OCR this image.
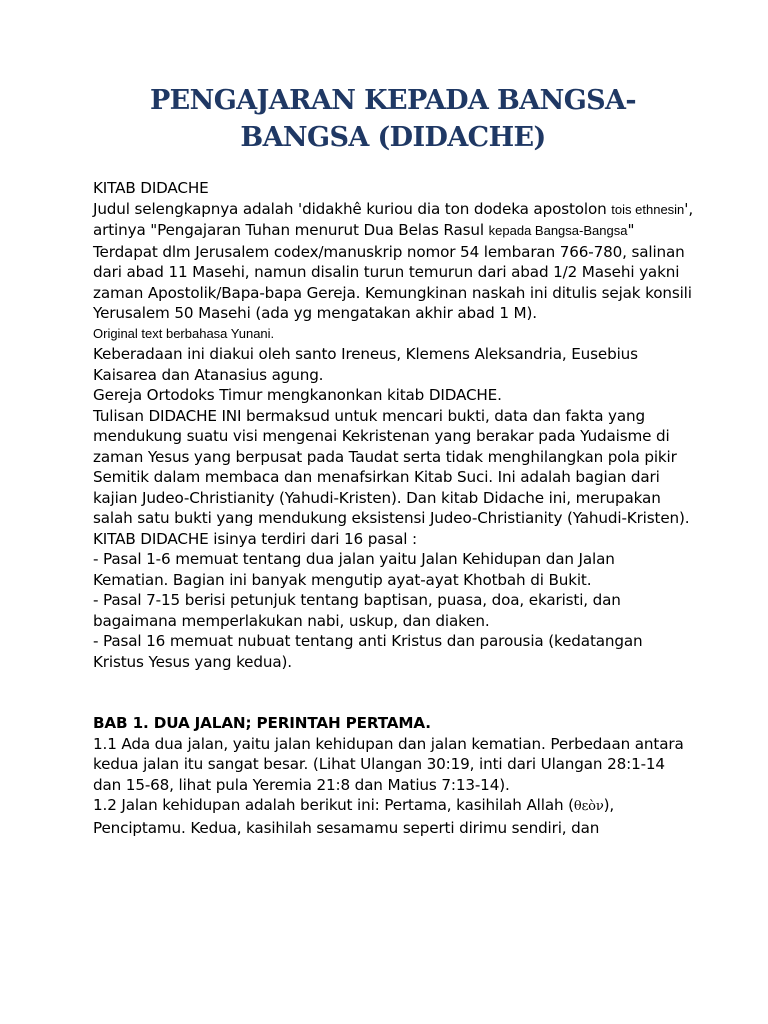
PENGAJARAN KEPADA BANGSA-BANGSA (DIDACHE)

KITAB DIDACHE

Judul selengkapnya adalah 'didakhê kuriou dia ton dodeka apostolon tois ethnesin', artinya "Pengajaran Tuhan menurut Dua Belas Rasul kepada Bangsa-Bangsa"

Terdapat dlm Jerusalem codex/manuskrip nomor 54 lembaran 766-780, salinan dari abad 11 Masehi, namun disalin turun temurun dari abad 1/2 Masehi yakni zaman Apostolik/Bapa-bapa Gereja. Kemungkinan naskah ini ditulis sejak konsili Yerusalem 50 Masehi (ada yg mengatakan akhir abad 1 M).

Original text berbahasa Yunani.

Keberadaan ini diakui oleh santo Ireneus, Klemens Aleksandria, Eusebius Kaisarea dan Atanasius agung.

Gereja Ortodoks Timur mengkanonkan kitab DIDACHE.

Tulisan DIDACHE INI bermaksud untuk mencari bukti, data dan fakta yang mendukung suatu visi mengenai Kekristenan yang berakar pada Yudaisme di zaman Yesus yang berpusat pada Taudat serta tidak menghilangkan pola pikir Semitik dalam membaca dan menafsirkan Kitab Suci. Ini adalah bagian dari kajian Judeo-Christianity (Yahudi-Kristen). Dan kitab Didache ini, merupakan salah satu bukti yang mendukung eksistensi Judeo-Christianity (Yahudi-Kristen).

KITAB DIDACHE isinya terdiri dari 16 pasal :

- Pasal 1-6 memuat tentang dua jalan yaitu Jalan Kehidupan dan Jalan Kematian. Bagian ini banyak mengutip ayat-ayat Khotbah di Bukit.

- Pasal 7-15 berisi petunjuk tentang baptisan, puasa, doa, ekaristi, dan bagaimana memperlakukan nabi, uskup, dan diaken.

- Pasal 16 memuat nubuat tentang anti Kristus dan parousia (kedatangan Kristus Yesus yang kedua).

BAB 1. DUA JALAN; PERINTAH PERTAMA.

1.1 Ada dua jalan, yaitu jalan kehidupan dan jalan kematian. Perbedaan antara kedua jalan itu sangat besar. (Lihat Ulangan 30:19, inti dari Ulangan 28:1-14 dan 15-68, lihat pula Yeremia 21:8 dan Matius 7:13-14).

1.2 Jalan kehidupan adalah berikut ini: Pertama, kasihilah Allah (θεὸν), Penciptamu. Kedua, kasihilah sesamamu seperti dirimu sendiri, dan
